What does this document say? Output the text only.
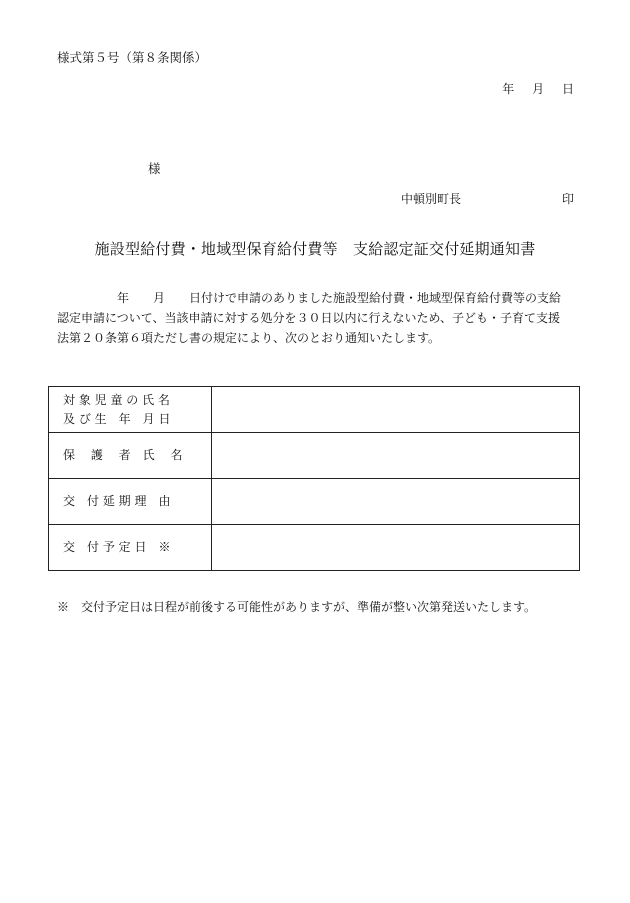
様式第５号（第８条関係）
年 月 日
様
中頓別町長	印
施設型給付費・地域型保育給付費等　支給認定証交付延期通知書
　　　　　年　　月　　日付けで申請のありました施設型給付費・地域型保育給付費等の支給
認定申請について、当該申請に対する処分を３０日以内に行えないため、子ども・子育て支援
法第２０条第６項ただし書の規定により、次のとおり通知いたします。
対 象 児 童 の 氏 名
及 び 生　年　月 日	

保　 護　 者　氏 　名	

交　付 延 期 理　由	

交　付 予 定 日　※	

※　交付予定日は日程が前後する可能性がありますが、準備が整い次第発送いたします。
